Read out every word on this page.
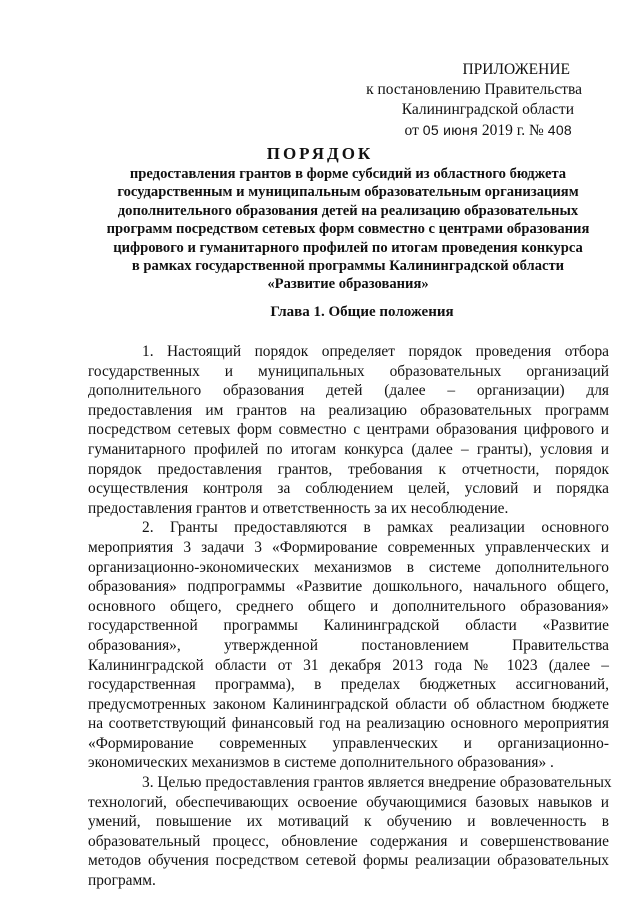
ПРИЛОЖЕНИЕ
к постановлению Правительства
Калининградской области
от 05 июня 2019 г. № 408
ПОРЯДОК
предоставления грантов в форме субсидий из областного бюджета
государственным и муниципальным образовательным организациям
дополнительного образования детей на реализацию образовательных
программ посредством сетевых форм совместно с центрами образования
цифрового и гуманитарного профилей по итогам проведения конкурса
в рамках государственной программы Калининградской области
«Развитие образования»
Глава 1. Общие положения
1. Настоящий порядок определяет порядок проведения отбора
государственных и муниципальных образовательных организаций
дополнительного образования детей (далее – организации) для
предоставления им грантов на реализацию образовательных программ
посредством сетевых форм совместно с центрами образования цифрового и
гуманитарного профилей по итогам конкурса (далее – гранты), условия и
порядок предоставления грантов, требования к отчетности, порядок
осуществления контроля за соблюдением целей, условий и порядка
предоставления грантов и ответственность за их несоблюдение.
2. Гранты предоставляются в рамках реализации основного
мероприятия 3 задачи 3 «Формирование современных управленческих и
организационно-экономических механизмов в системе дополнительного
образования» подпрограммы «Развитие дошкольного, начального общего,
основного общего, среднего общего и дополнительного образования»
государственной программы Калининградской области «Развитие
образования», утвержденной постановлением Правительства
Калининградской области от 31 декабря 2013 года № 1023 (далее –
государственная программа), в пределах бюджетных ассигнований,
предусмотренных законом Калининградской области об областном бюджете
на соответствующий финансовый год на реализацию основного мероприятия
«Формирование современных управленческих и организационно-
экономических механизмов в системе дополнительного образования» .
3. Целью предоставления грантов является внедрение образовательных
технологий, обеспечивающих освоение обучающимися базовых навыков и
умений, повышение их мотиваций к обучению и вовлеченность в
образовательный процесс, обновление содержания и совершенствование
методов обучения посредством сетевой формы реализации образовательных
программ.
